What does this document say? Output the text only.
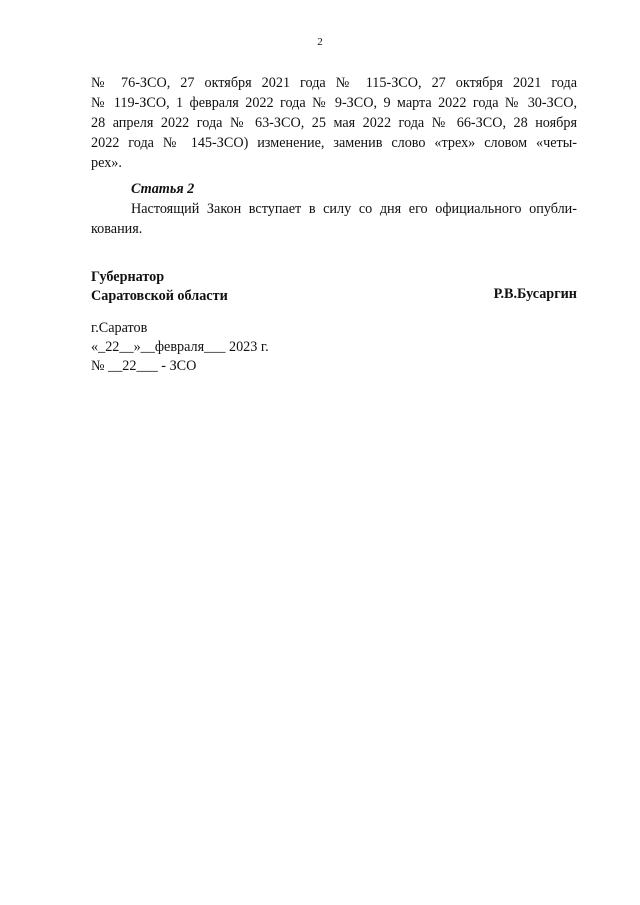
2
№ 76-ЗСО, 27 октября 2021 года № 115-ЗСО, 27 октября 2021 года
№ 119-ЗСО, 1 февраля 2022 года № 9-ЗСО, 9 марта 2022 года № 30-ЗСО,
28 апреля 2022 года № 63-ЗСО, 25 мая 2022 года № 66-ЗСО, 28 ноября
2022 года № 145-ЗСО) изменение, заменив слово «трех» словом «четы-
рех».
Статья 2
Настоящий Закон вступает в силу со дня его официального опубли-
кования.
Губернатор
Саратовской области	Р.В.Бусаргин
г.Саратов
«_22__»__февраля___ 2023 г.
№ __22___ - ЗСО
